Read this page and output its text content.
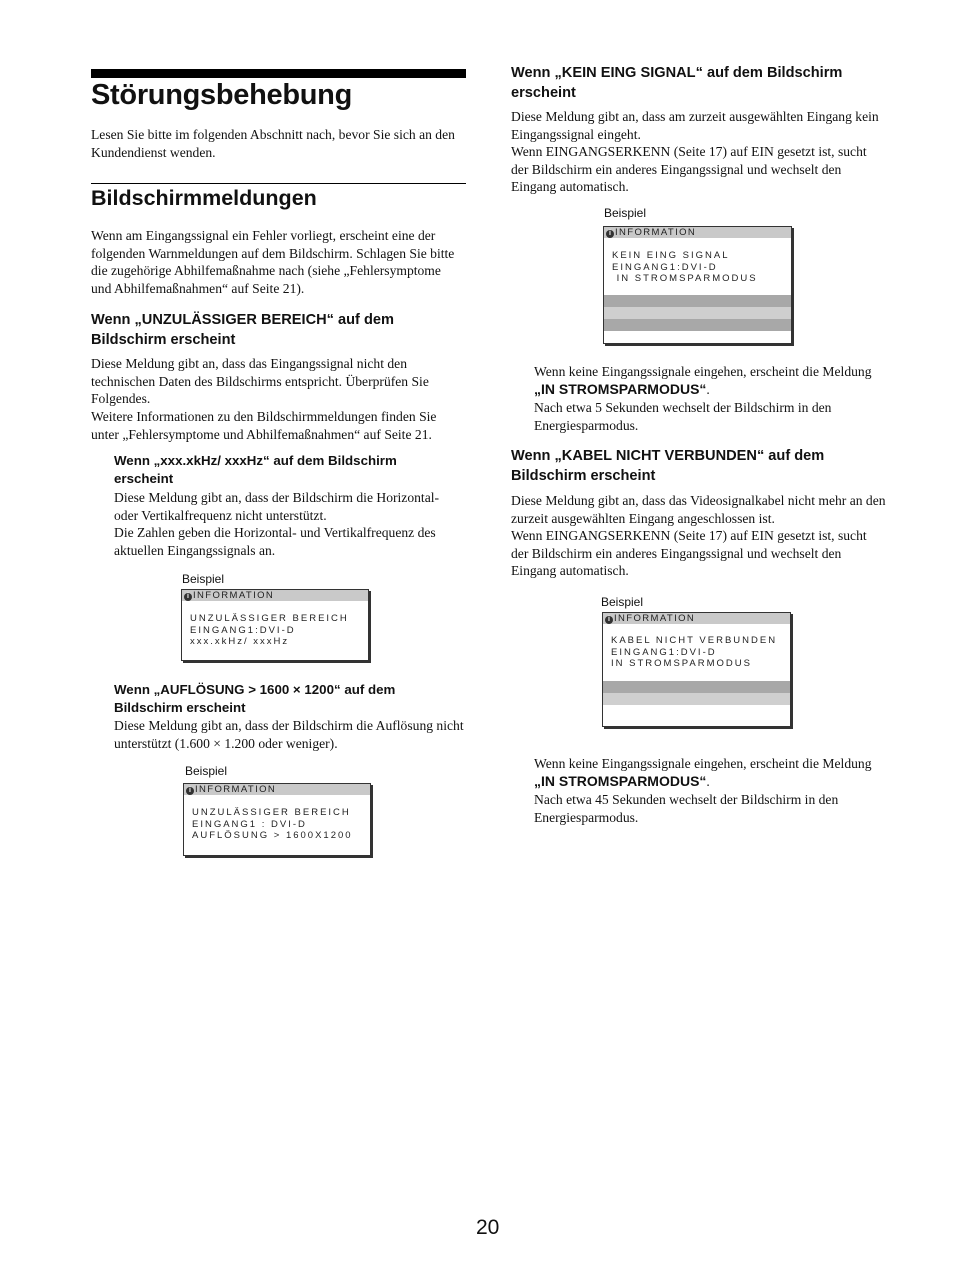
Störungsbehebung

Lesen Sie bitte im folgenden Abschnitt nach, bevor Sie sich an den Kundendienst wenden.

Bildschirmmeldungen

Wenn am Eingangssignal ein Fehler vorliegt, erscheint eine der folgenden Warnmeldungen auf dem Bildschirm. Schlagen Sie bitte die zugehörige Abhilfemaßnahme nach (siehe „Fehlersymptome und Abhilfemaßnahmen“ auf Seite 21).

Wenn „UNZULÄSSIGER BEREICH“ auf dem Bildschirm erscheint

Diese Meldung gibt an, dass das Eingangssignal nicht den technischen Daten des Bildschirms entspricht. Überprüfen Sie Folgendes.

Weitere Informationen zu den Bildschirmmeldungen finden Sie unter „Fehlersymptome und Abhilfemaßnahmen“ auf Seite 21.

Wenn „xxx.xkHz/ xxxHz“ auf dem Bildschirm erscheint

Diese Meldung gibt an, dass der Bildschirm die Horizontal- oder Vertikalfrequenz nicht unterstützt.

Die Zahlen geben die Horizontal- und Vertikalfrequenz des aktuellen Eingangssignals an.

Beispiel
i INFORMATION
UNZULÄSSIGER BEREICH
EINGANG1:DVI-D
xxx.xkHz/ xxxHz

Wenn „AUFLÖSUNG > 1600 × 1200“ auf dem Bildschirm erscheint

Diese Meldung gibt an, dass der Bildschirm die Auflösung nicht unterstützt (1.600 × 1.200 oder weniger).

Beispiel
i INFORMATION
UNZULÄSSIGER BEREICH
EINGANG1 : DVI-D
AUFLÖSUNG > 1600X1200

Wenn „KEIN EING SIGNAL“ auf dem Bildschirm erscheint

Diese Meldung gibt an, dass am zurzeit ausgewählten Eingang kein Eingangssignal eingeht.

Wenn EINGANGSERKENN (Seite 17) auf EIN gesetzt ist, sucht der Bildschirm ein anderes Eingangssignal und wechselt den Eingang automatisch.

Beispiel
i INFORMATION
KEIN EING SIGNAL
EINGANG1:DVI-D
IN STROMSPARMODUS

Wenn keine Eingangssignale eingehen, erscheint die Meldung „IN STROMSPARMODUS“.

Nach etwa 5 Sekunden wechselt der Bildschirm in den Energiesparmodus.

Wenn „KABEL NICHT VERBUNDEN“ auf dem Bildschirm erscheint

Diese Meldung gibt an, dass das Videosignalkabel nicht mehr an den zurzeit ausgewählten Eingang angeschlossen ist.

Wenn EINGANGSERKENN (Seite 17) auf EIN gesetzt ist, sucht der Bildschirm ein anderes Eingangssignal und wechselt den Eingang automatisch.

Beispiel
i INFORMATION
KABEL NICHT VERBUNDEN
EINGANG1:DVI-D
IN STROMSPARMODUS

Wenn keine Eingangssignale eingehen, erscheint die Meldung „IN STROMSPARMODUS“.

Nach etwa 45 Sekunden wechselt der Bildschirm in den Energiesparmodus.

20
